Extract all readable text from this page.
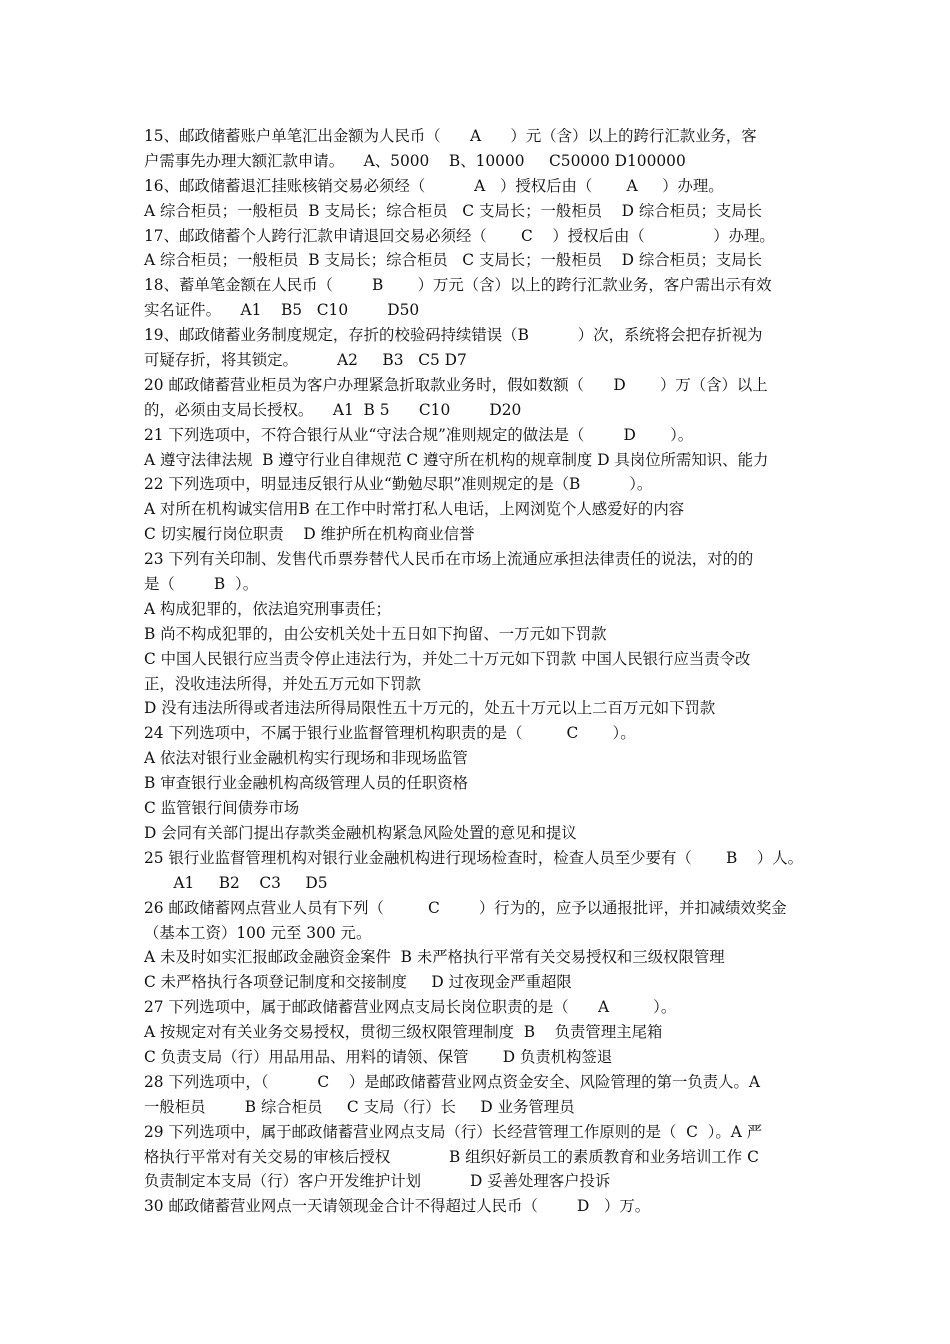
15、邮政储蓄账户单笔汇出金额为人民币（      A      ）元（含）以上的跨行汇款业务，客
户需事先办理大额汇款申请。    A、5000    B、10000     C50000 D100000
16、邮政储蓄退汇挂账核销交易必须经（          A   ）授权后由（       A     ）办理。
A 综合柜员；一般柜员  B 支局长；综合柜员   C 支局长；一般柜员    D 综合柜员；支局长
17、邮政储蓄个人跨行汇款申请退回交易必须经（       C    ）授权后由（              ）办理。
A 综合柜员；一般柜员  B 支局长；综合柜员   C 支局长；一般柜员    D 综合柜员；支局长
18、蓄单笔金额在人民币（        B       ）万元（含）以上的跨行汇款业务，客户需出示有效
实名证件。    A1    B5   C10        D50
19、邮政储蓄业务制度规定，存折的校验码持续错误（B          ）次，系统将会把存折视为
可疑存折，将其锁定。        A2     B3   C5 D7
20 邮政储蓄营业柜员为客户办理紧急折取款业务时，假如数额（      D       ）万（含）以上
的，必须由支局长授权。    A1  B 5      C10        D20
21 下列选项中，不符合银行从业“守法合规”准则规定的做法是（        D       ）。
A 遵守法律法规  B 遵守行业自律规范 C 遵守所在机构的规章制度 D 具岗位所需知识、能力
22 下列选项中，明显违反银行从业“勤勉尽职”准则规定的是（B          ）。
A 对所在机构诚实信用B 在工作中时常打私人电话，上网浏览个人感爱好的内容
C 切实履行岗位职责    D 维护所在机构商业信誉
23 下列有关印制、发售代币票券替代人民币在市场上流通应承担法律责任的说法，对的的
是（        B  ）。
A 构成犯罪的，依法追究刑事责任；
B 尚不构成犯罪的，由公安机关处十五日如下拘留、一万元如下罚款
C 中国人民银行应当责令停止违法行为，并处二十万元如下罚款 中国人民银行应当责令改
正，没收违法所得，并处五万元如下罚款
D 没有违法所得或者违法所得局限性五十万元的，处五十万元以上二百万元如下罚款
24 下列选项中，不属于银行业监督管理机构职责的是（         C       ）。
A 依法对银行业金融机构实行现场和非现场监管
B 审查银行业金融机构高级管理人员的任职资格
C 监管银行间债券市场
D 会同有关部门提出存款类金融机构紧急风险处置的意见和提议
25 银行业监督管理机构对银行业金融机构进行现场检查时，检查人员至少要有（       B    ）人。
A1     B2    C3     D5
26 邮政储蓄网点营业人员有下列（         C        ）行为的，应予以通报批评，并扣减绩效奖金
（基本工资）100 元至 300 元。
A 未及时如实汇报邮政金融资金案件  B 未严格执行平常有关交易授权和三级权限管理
C 未严格执行各项登记制度和交接制度     D 过夜现金严重超限
27 下列选项中，属于邮政储蓄营业网点支局长岗位职责的是（      A         ）。
A 按规定对有关业务交易授权，贯彻三级权限管理制度  B    负责管理主尾箱
C 负责支局（行）用品用品、用料的请领、保管       D 负责机构签退
28 下列选项中，（          C    ）是邮政储蓄营业网点资金安全、风险管理的第一负责人。A
一般柜员        B 综合柜员     C 支局（行）长     D 业务管理员
29 下列选项中，属于邮政储蓄营业网点支局（行）长经营管理工作原则的是（  C  ）。A 严
格执行平常对有关交易的审核后授权            B 组织好新员工的素质教育和业务培训工作 C
负责制定本支局（行）客户开发维护计划          D 妥善处理客户投诉
30 邮政储蓄营业网点一天请领现金合计不得超过人民币（        D   ）万。
